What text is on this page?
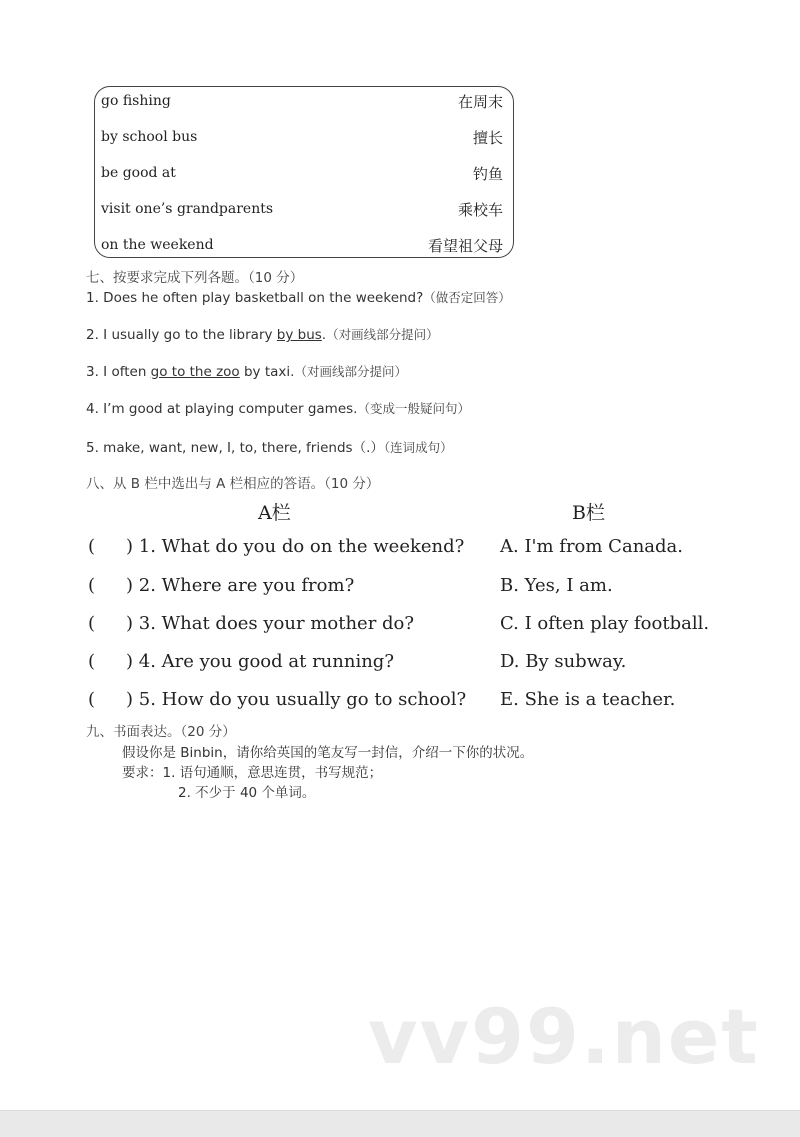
go fishing	在周末
by school bus	擅长
be good at	钓鱼
visit one’s grandparents	乘校车
on the weekend	看望祖父母
七、按要求完成下列各题。（10 分）
1. Does he often play basketball on the weekend?（做否定回答）
2. I usually go to the library by bus.（对画线部分提问）
3. I often go to the zoo by taxi.（对画线部分提问）
4. I’m good at playing computer games.（变成一般疑问句）
5. make, want, new, I, to, there, friends（.）（连词成句）
八、从 B 栏中选出与 A 栏相应的答语。（10 分）
A栏	B栏
( ) 1. What do you do on the weekend? A. I'm from Canada.
( ) 2. Where are you from?	B. Yes, I am.
( ) 3. What does your mother do?	C. I often play football.
( ) 4. Are you good at running?	D. By subway.
( ) 5. How do you usually go to school? E. She is a teacher.
九、书面表达。（20 分）
假设你是 Binbin，请你给英国的笔友写一封信，介绍一下你的状况。
要求：1. 语句通顺，意思连贯，书写规范；
2. 不少于 40 个单词。
vv99.net
